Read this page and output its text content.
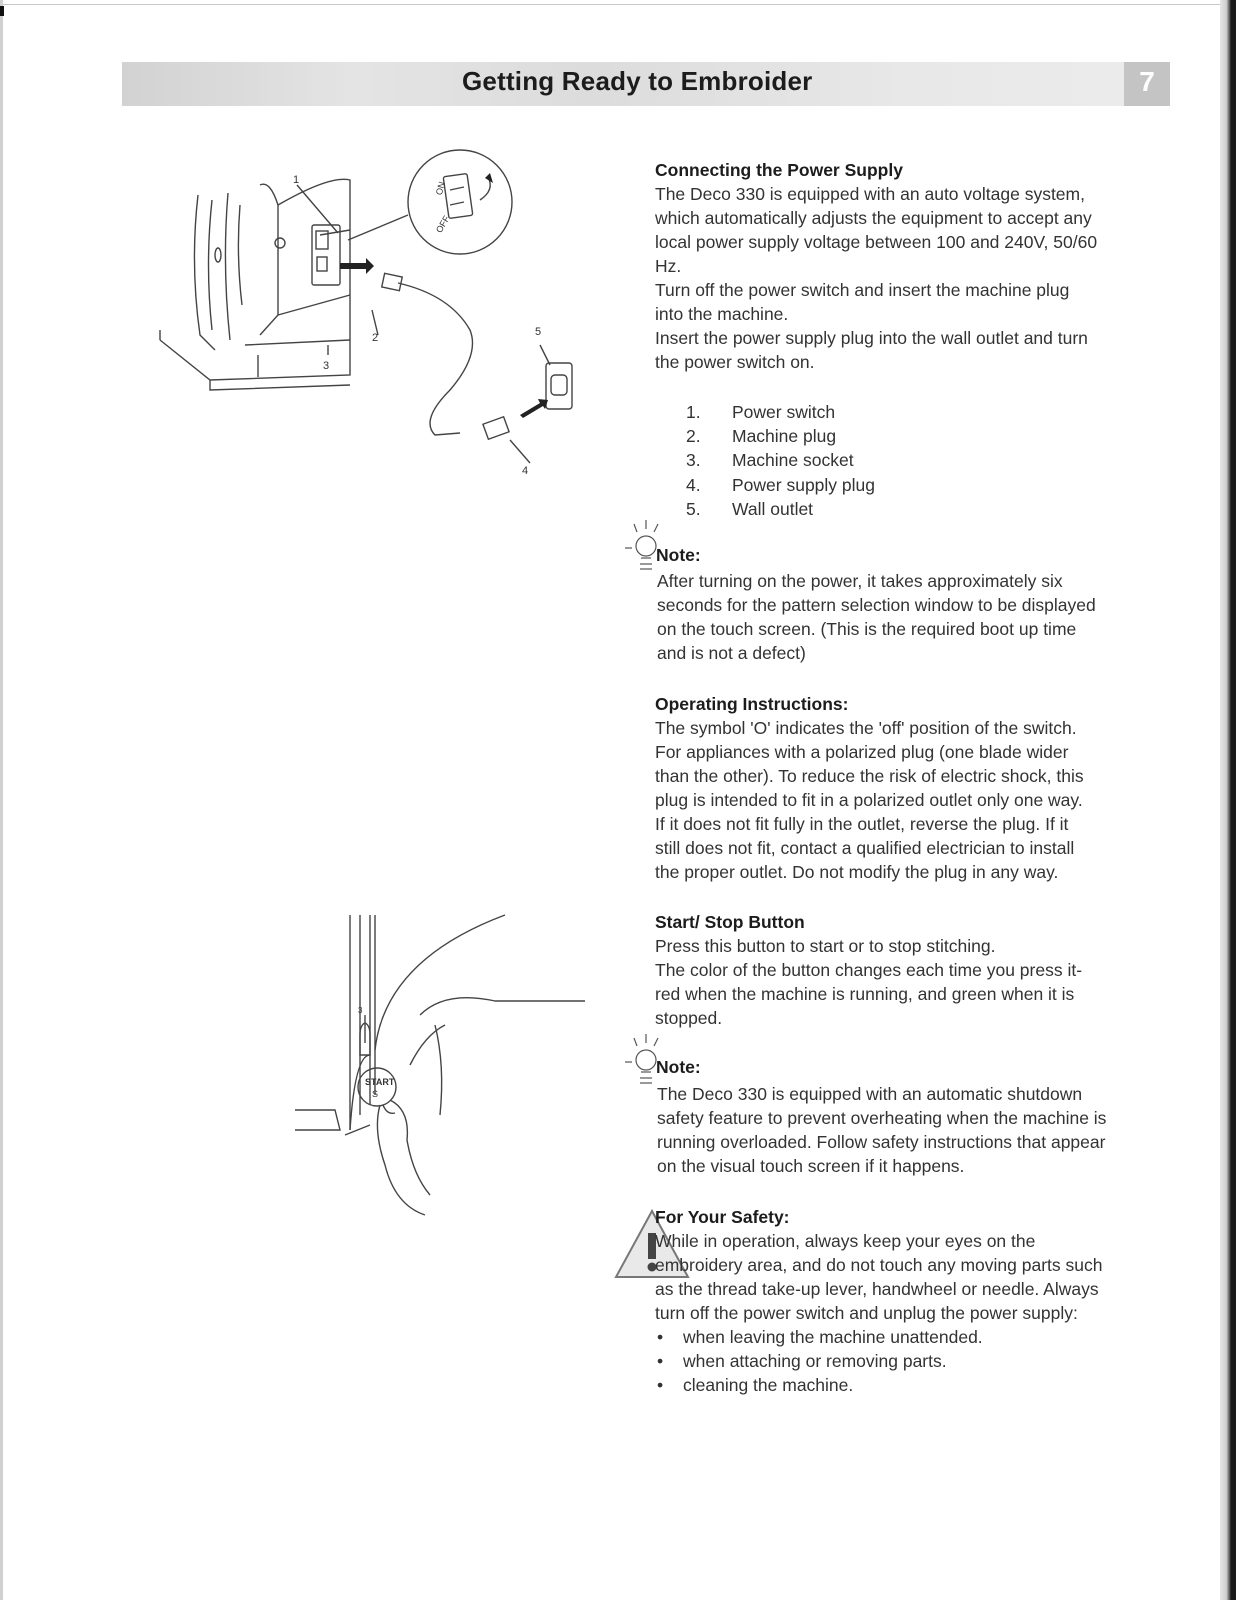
Getting Ready to Embroider	7
1
2
3
4
5
ON
OFF
START
S
3
Connecting the Power Supply

The Deco 330 is equipped with an auto voltage system,

which automatically adjusts the equipment to accept any

local power supply voltage between 100 and 240V, 50/60

Hz.

Turn off the power switch and insert the machine plug

into the machine.

Insert the power supply plug into the wall outlet and turn

the power switch on.

1.	Power switch
2.	Machine plug
3.	Machine socket
4.	Power supply plug
5.	Wall outlet
Note:

After turning on the power, it takes approximately six

seconds for the pattern selection window to be displayed

on the touch screen. (This is the required boot up time

and is not a defect)

Operating Instructions:

The symbol 'O' indicates the 'off' position of the switch.

For appliances with a polarized plug (one blade wider

than the other). To reduce the risk of electric shock, this

plug is intended to fit in a polarized outlet only one way.

If it does not fit fully in the outlet, reverse the plug. If it

still does not fit, contact a qualified electrician to install

the proper outlet. Do not modify the plug in any way.

Start/ Stop Button

Press this button to start or to stop stitching.

The color of the button changes each time you press it-

red when the machine is running, and green when it is

stopped.

Note:

The Deco 330 is equipped with an automatic shutdown

safety feature to prevent overheating when the machine is

running overloaded. Follow safety instructions that appear

on the visual touch screen if it happens.

For Your Safety:

While in operation, always keep your eyes on the

embroidery area, and do not touch any moving parts such

as the thread take-up lever, handwheel or needle. Always

turn off the power switch and unplug the power supply:

• when leaving the machine unattended.
• when attaching or removing parts.
• cleaning the machine.
